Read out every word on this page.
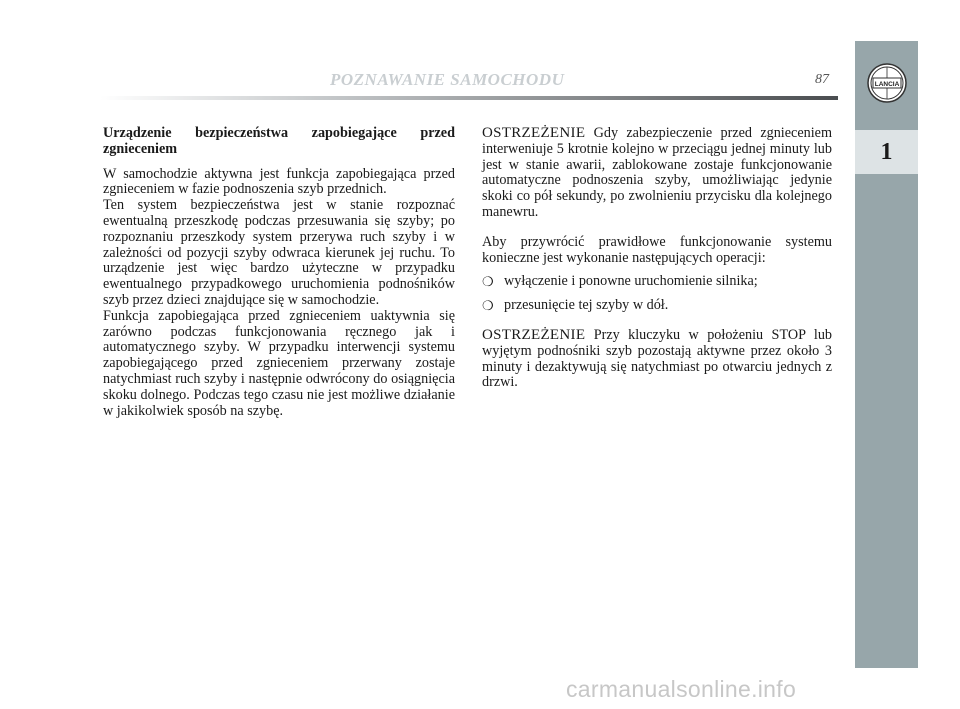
POZNAWANIE SAMOCHODU	87	LANCIA
1

Urządzenie bezpieczeństwa zapobiegające przed zgnieceniem

W samochodzie aktywna jest funkcja zapobiegająca przed zgnieceniem w fazie podnoszenia szyb przednich.

Ten system bezpieczeństwa jest w stanie rozpoznać ewentualną przeszkodę podczas przesuwania się szyby; po rozpoznaniu przeszkody system przerywa ruch szyby i w zależności od pozycji szyby odwraca kierunek jej ruchu. To urządzenie jest więc bardzo użyteczne w przypadku ewentualnego przypadkowego uruchomienia podnośników szyb przez dzieci znajdujące się w samochodzie.

Funkcja zapobiegająca przed zgnieceniem uaktywnia się zarówno podczas funkcjonowania ręcznego jak i automatycznego szyby. W przypadku interwencji systemu zapobiegającego przed zgnieceniem przerwany zostaje natychmiast ruch szyby i następnie odwrócony do osiągnięcia skoku dolnego. Podczas tego czasu nie jest możliwe działanie w jakikolwiek sposób na szybę.

OSTRZEŻENIE Gdy zabezpieczenie przed zgnieceniem interweniuje 5 krotnie kolejno w przeciągu jednej minuty lub jest w stanie awarii, zablokowane zostaje funkcjonowanie automatyczne podnoszenia szyby, umożliwiając jedynie skoki co pół sekundy, po zwolnieniu przycisku dla kolejnego manewru.

Aby przywrócić prawidłowe funkcjonowanie systemu konieczne jest wykonanie następujących operacji:

❍ wyłączenie i ponowne uruchomienie silnika;
❍ przesunięcie tej szyby w dół.

OSTRZEŻENIE Przy kluczyku w położeniu STOP lub wyjętym podnośniki szyb pozostają aktywne przez około 3 minuty i dezaktywują się natychmiast po otwarciu jednych z drzwi.

carmanualsonline.info
